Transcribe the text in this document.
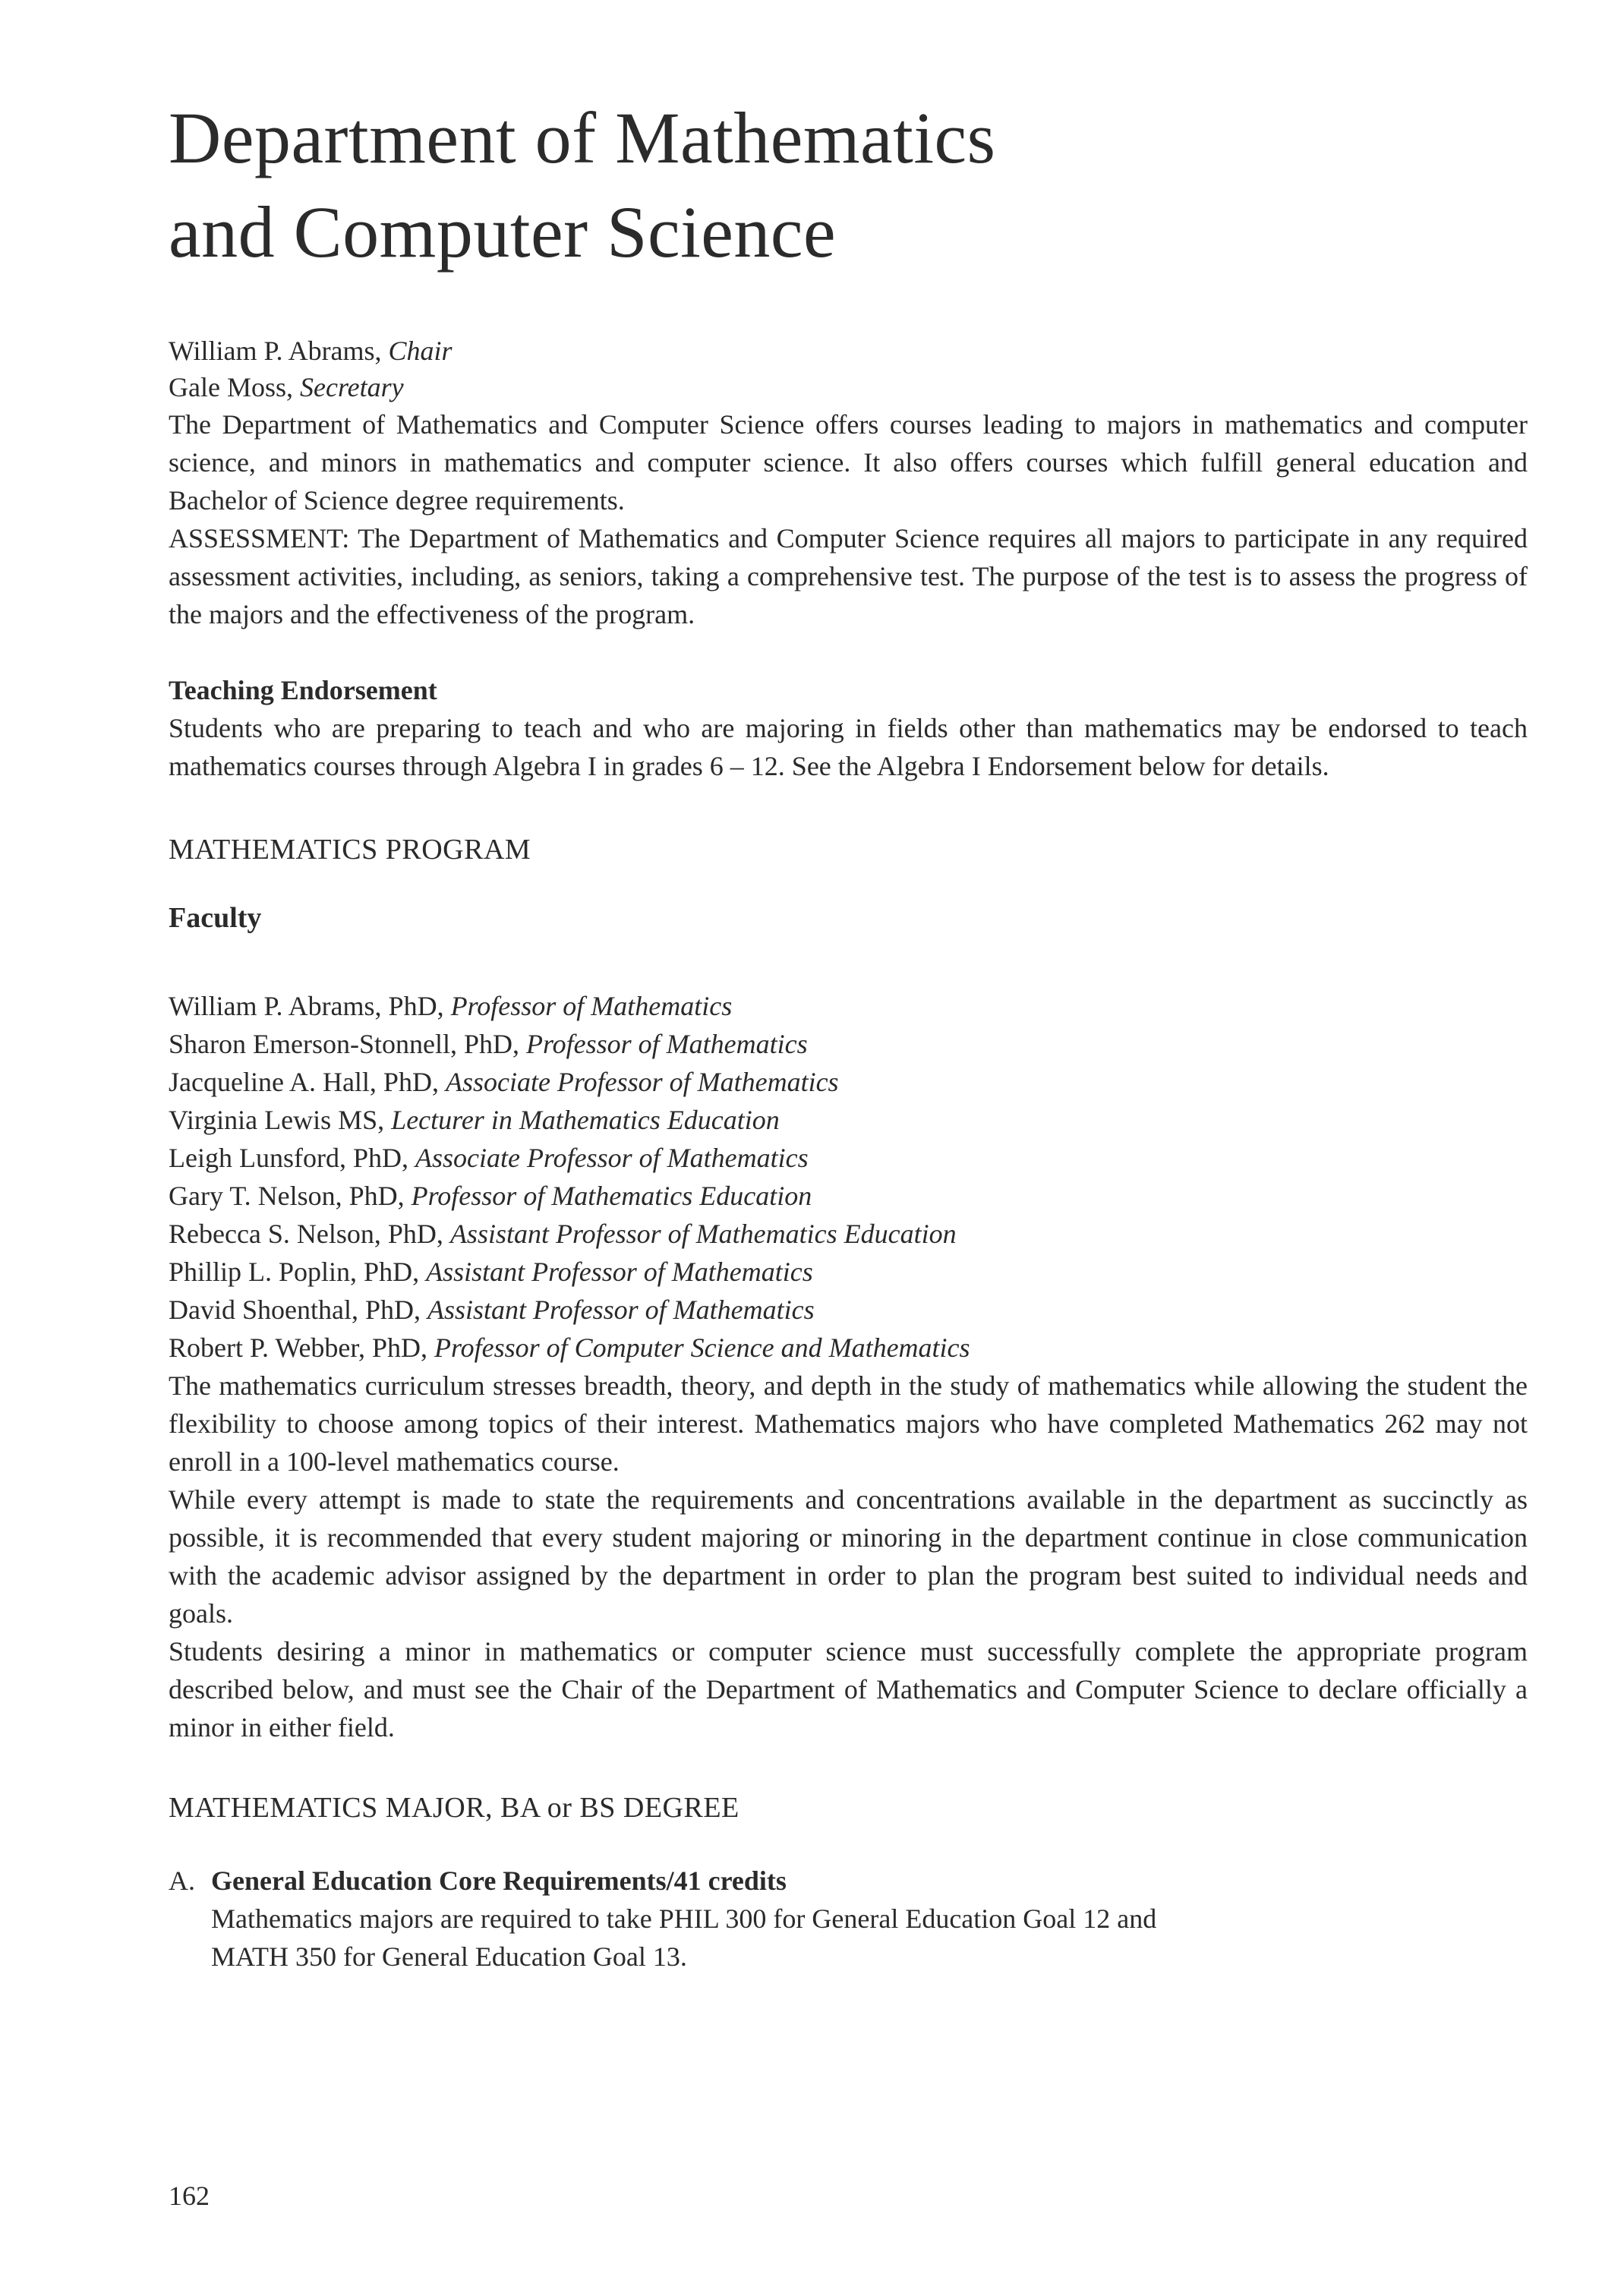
Department of Mathematics
and Computer Science
William P. Abrams, Chair
Gale Moss, Secretary

The Department of Mathematics and Computer Science offers courses leading to majors in mathematics and computer science, and minors in mathematics and computer science. It also offers courses which fulfill general education and Bachelor of Science degree requirements.

ASSESSMENT: The Department of Mathematics and Computer Science requires all majors to participate in any required assessment activities, including, as seniors, taking a comprehensive test. The purpose of the test is to assess the progress of the majors and the effectiveness of the program.

Teaching Endorsement

Students who are preparing to teach and who are majoring in fields other than mathematics may be endorsed to teach mathematics courses through Algebra I in grades 6 – 12. See the Algebra I Endorsement below for details.

MATHEMATICS PROGRAM
Faculty
William P. Abrams, PhD, Professor of Mathematics
Sharon Emerson-Stonnell, PhD, Professor of Mathematics
Jacqueline A. Hall, PhD, Associate Professor of Mathematics
Virginia Lewis MS, Lecturer in Mathematics Education
Leigh Lunsford, PhD, Associate Professor of Mathematics
Gary T. Nelson, PhD, Professor of Mathematics Education
Rebecca S. Nelson, PhD, Assistant Professor of Mathematics Education
Phillip L. Poplin, PhD, Assistant Professor of Mathematics
David Shoenthal, PhD, Assistant Professor of Mathematics
Robert P. Webber, PhD, Professor of Computer Science and Mathematics

The mathematics curriculum stresses breadth, theory, and depth in the study of mathematics while allowing the student the flexibility to choose among topics of their interest. Mathematics majors who have completed Mathematics 262 may not enroll in a 100-level mathematics course.

While every attempt is made to state the requirements and concentrations available in the department as succinctly as possible, it is recommended that every student majoring or minoring in the department continue in close communication with the academic advisor assigned by the department in order to plan the program best suited to individual needs and goals.

Students desiring a minor in mathematics or computer science must successfully complete the appropriate program described below, and must see the Chair of the Department of Mathematics and Computer Science to declare officially a minor in either field.

MATHEMATICS MAJOR, BA or BS DEGREE
A. General Education Core Requirements/41 credits
Mathematics majors are required to take PHIL 300 for General Education Goal 12 and
MATH 350 for General Education Goal 13.
162
